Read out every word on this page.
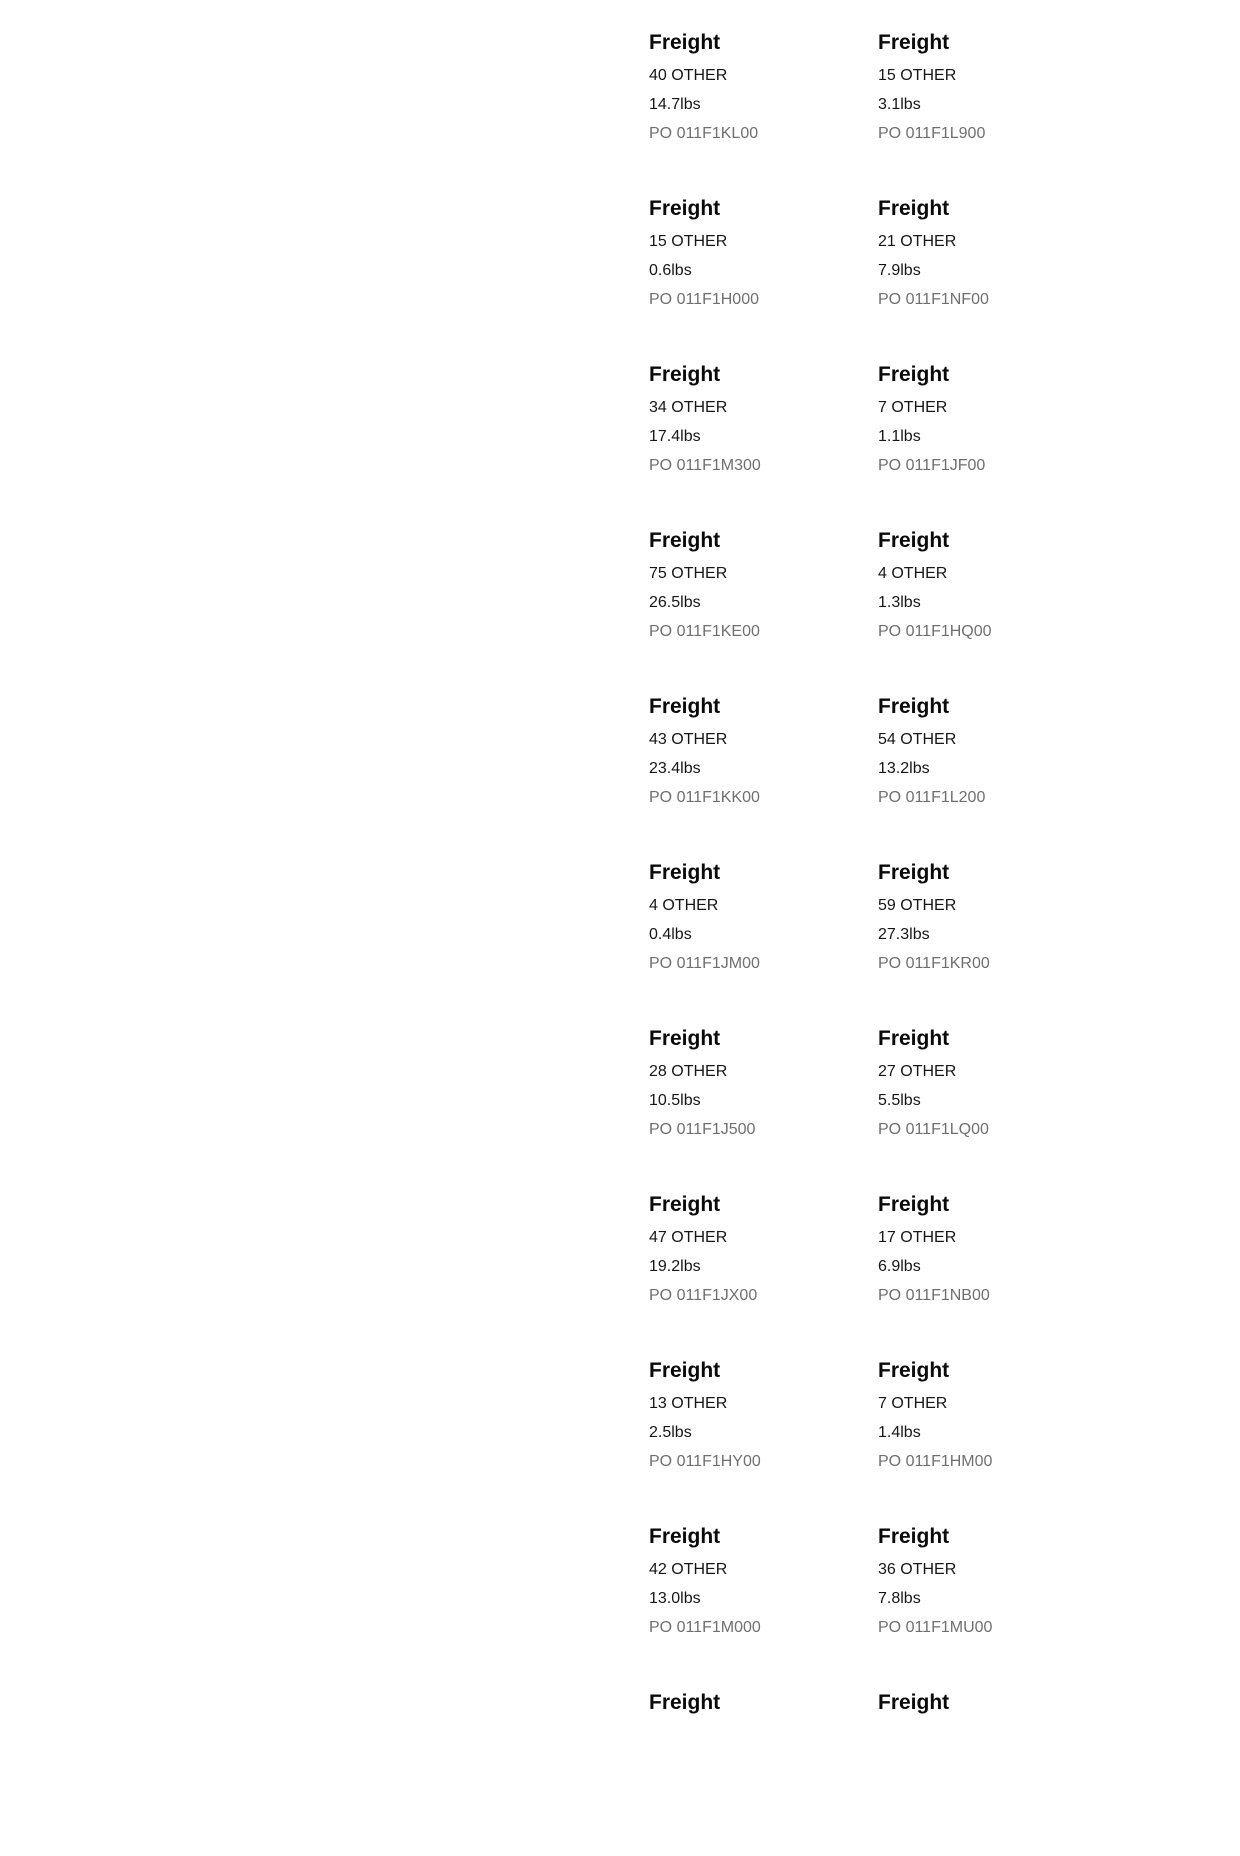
Freight
40 OTHER
14.7lbs
PO 011F1KL00
Freight
15 OTHER
3.1lbs
PO 011F1L900
Freight
15 OTHER
0.6lbs
PO 011F1H000
Freight
21 OTHER
7.9lbs
PO 011F1NF00
Freight
34 OTHER
17.4lbs
PO 011F1M300
Freight
7 OTHER
1.1lbs
PO 011F1JF00
Freight
75 OTHER
26.5lbs
PO 011F1KE00
Freight
4 OTHER
1.3lbs
PO 011F1HQ00
Freight
43 OTHER
23.4lbs
PO 011F1KK00
Freight
54 OTHER
13.2lbs
PO 011F1L200
Freight
4 OTHER
0.4lbs
PO 011F1JM00
Freight
59 OTHER
27.3lbs
PO 011F1KR00
Freight
28 OTHER
10.5lbs
PO 011F1J500
Freight
27 OTHER
5.5lbs
PO 011F1LQ00
Freight
47 OTHER
19.2lbs
PO 011F1JX00
Freight
17 OTHER
6.9lbs
PO 011F1NB00
Freight
13 OTHER
2.5lbs
PO 011F1HY00
Freight
7 OTHER
1.4lbs
PO 011F1HM00
Freight
42 OTHER
13.0lbs
PO 011F1M000
Freight
36 OTHER
7.8lbs
PO 011F1MU00
Freight	Freight
